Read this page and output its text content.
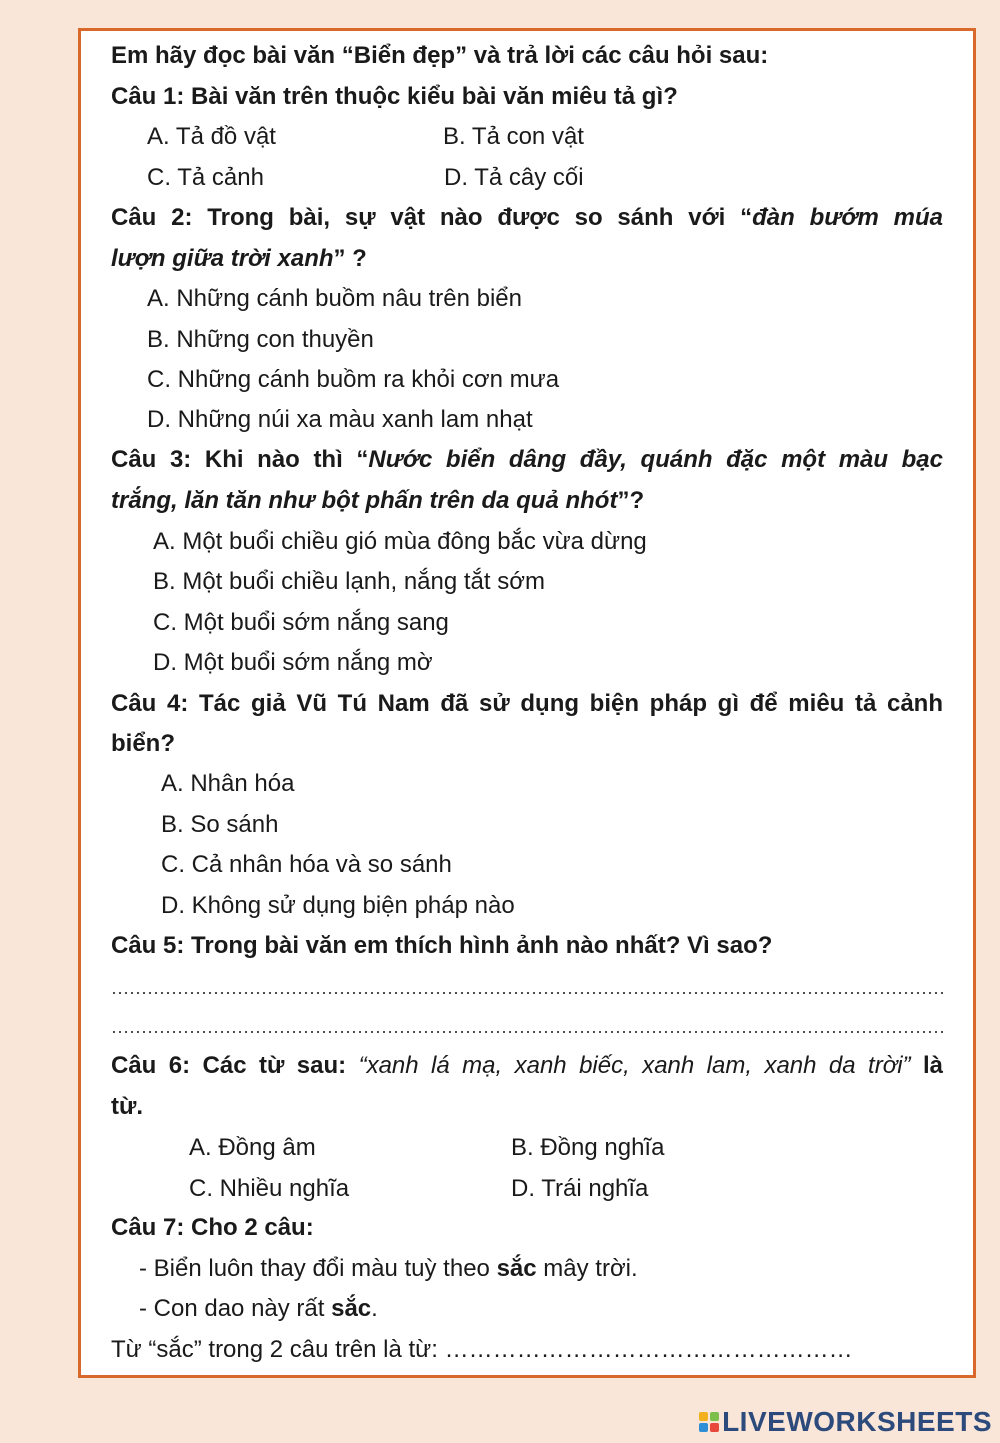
Em hãy đọc bài văn “Biển đẹp” và trả lời các câu hỏi sau:
Câu 1: Bài văn trên thuộc kiểu bài văn miêu tả gì?
A. Tả đồ vật	B. Tả con vật
C. Tả cảnh	D. Tả cây cối
Câu 2: Trong bài, sự vật nào được so sánh với “đàn bướm múa
lượn giữa trời xanh” ?
A. Những cánh buồm nâu trên biển
B. Những con thuyền
C. Những cánh buồm ra khỏi cơn mưa
D. Những núi xa màu xanh lam nhạt
Câu 3: Khi nào thì “Nước biển dâng đầy, quánh đặc một màu bạc
trắng, lăn tăn như bột phấn trên da quả nhót”?
A. Một buổi chiều gió mùa đông bắc vừa dừng
B. Một buổi chiều lạnh, nắng tắt sớm
C. Một buổi sớm nắng sang
D. Một buổi sớm nắng mờ
Câu 4: Tác giả Vũ Tú Nam đã sử dụng biện pháp gì để miêu tả cảnh
biển?
A. Nhân hóa
B. So sánh
C. Cả nhân hóa và so sánh
D. Không sử dụng biện pháp nào
Câu 5: Trong bài văn em thích hình ảnh nào nhất? Vì sao?
Câu 6: Các từ sau: “xanh lá mạ, xanh biếc, xanh lam, xanh da trời” là
từ.
A. Đồng âm	B. Đồng nghĩa
C. Nhiều nghĩa	D. Trái nghĩa
Câu 7: Cho 2 câu:
- Biển luôn thay đổi màu tuỳ theo sắc mây trời.
- Con dao này rất sắc.
Từ “sắc” trong 2 câu trên là từ: ……………………………………………
LIVEWORKSHEETS
